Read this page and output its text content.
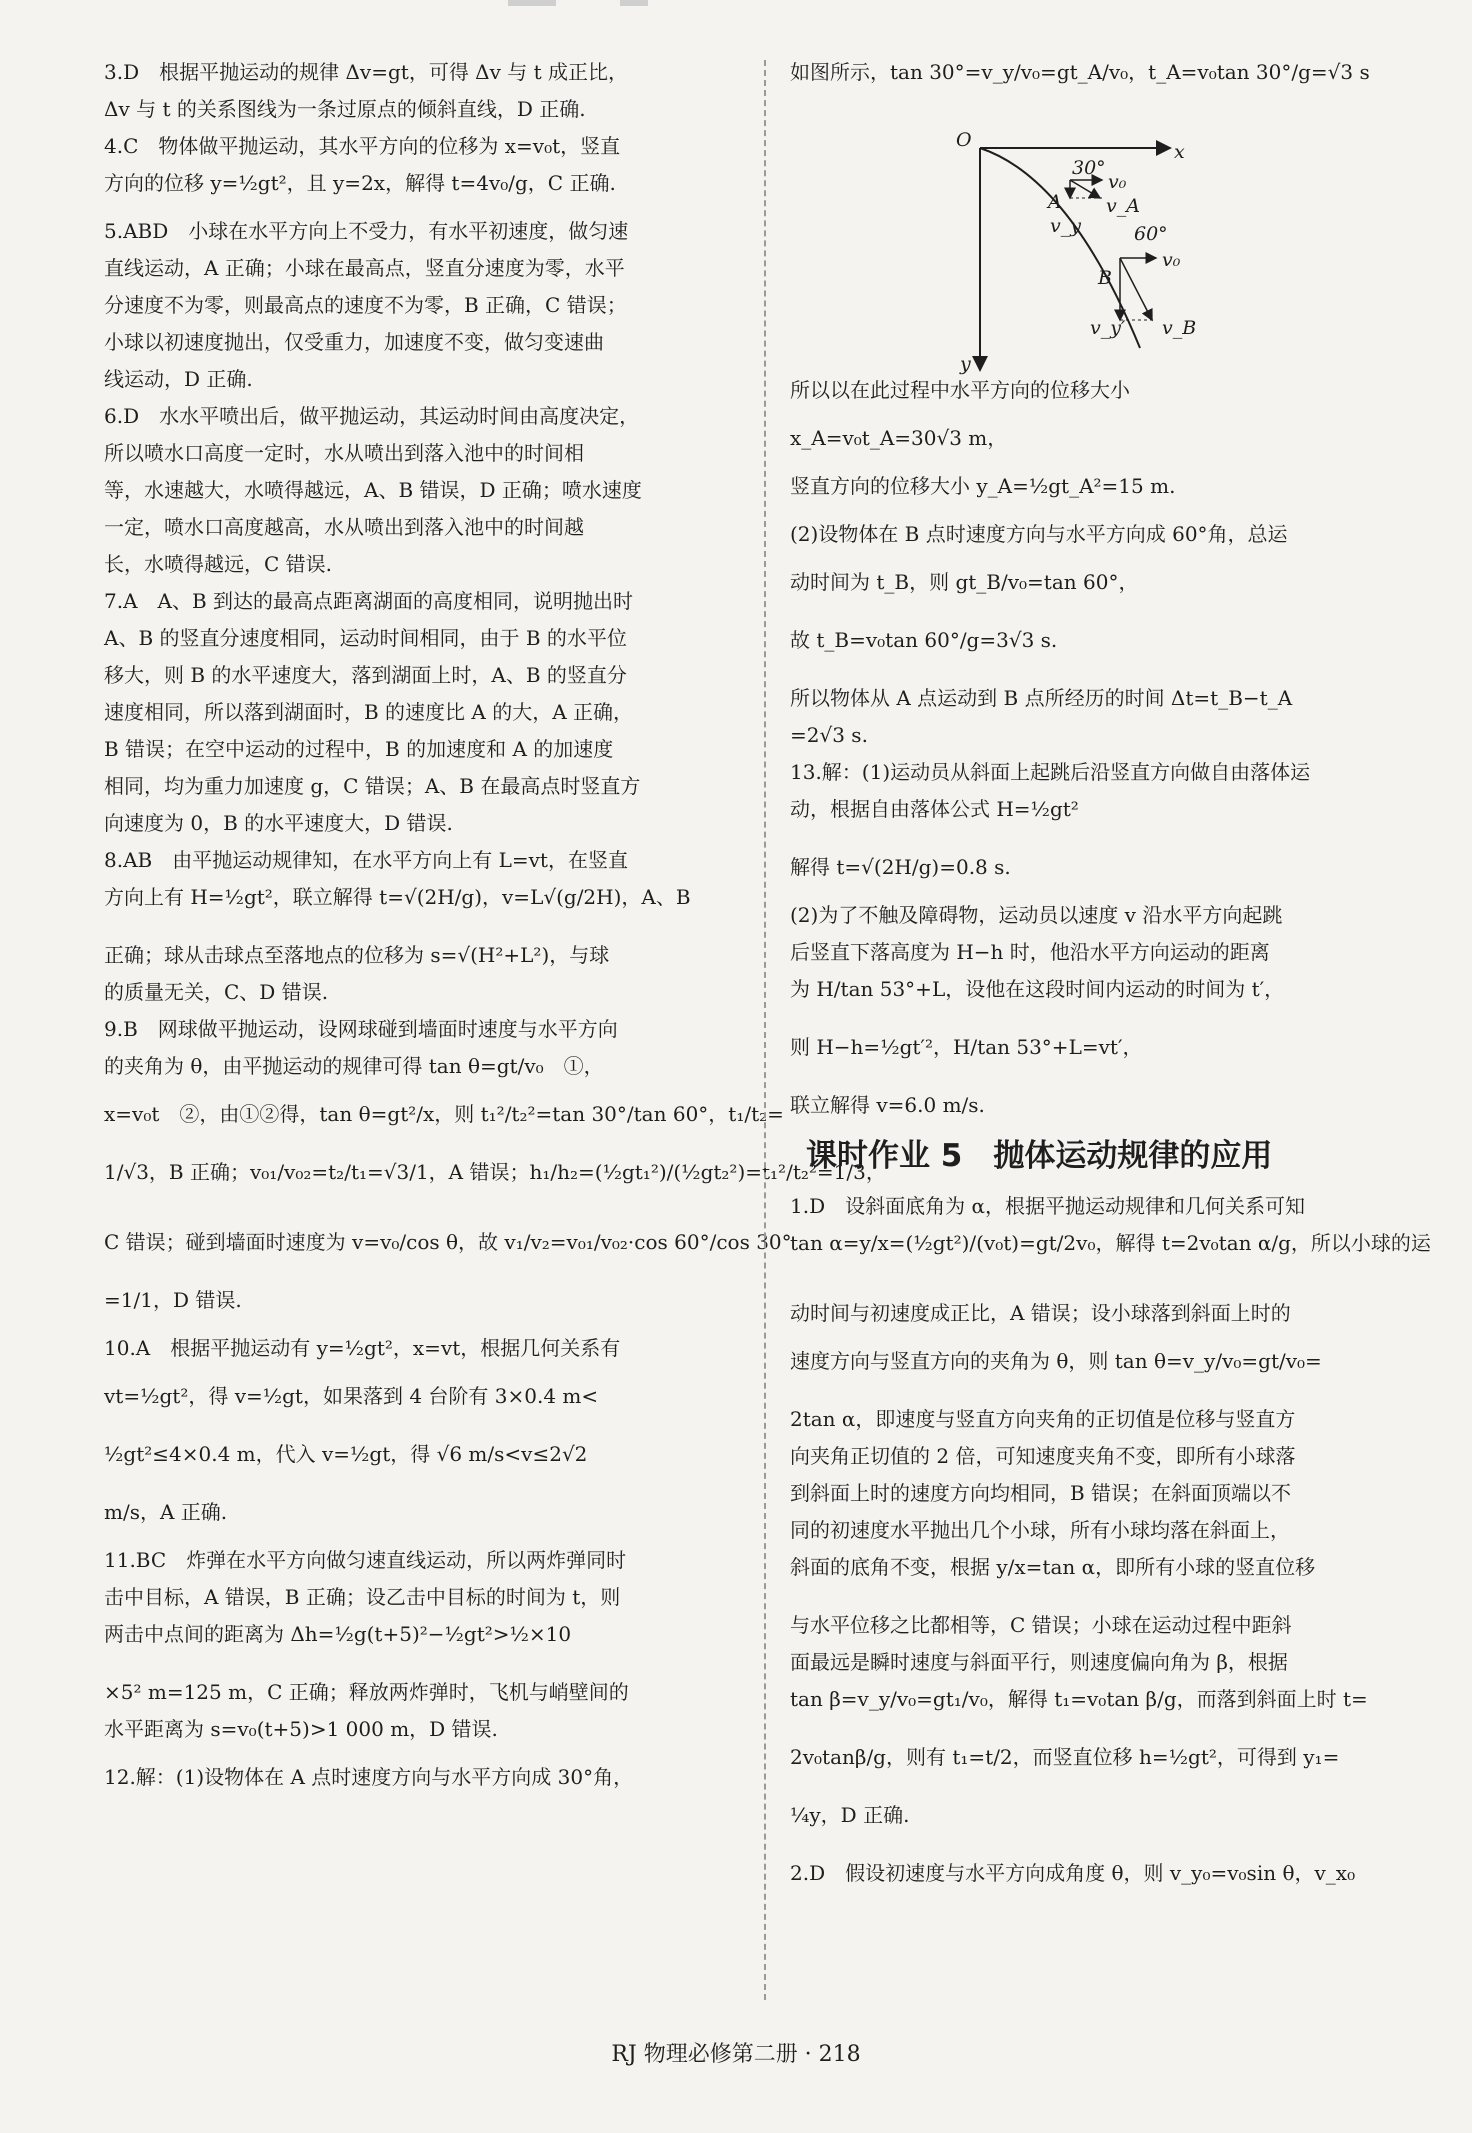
3.D　根据平抛运动的规律 Δv=gt，可得 Δv 与 t 成正比，

Δv 与 t 的关系图线为一条过原点的倾斜直线，D 正确.

4.C　物体做平抛运动，其水平方向的位移为 x=v₀t，竖直

方向的位移 y=½gt²，且 y=2x，解得 t=4v₀/g，C 正确.

5.ABD　小球在水平方向上不受力，有水平初速度，做匀速

直线运动，A 正确；小球在最高点，竖直分速度为零，水平

分速度不为零，则最高点的速度不为零，B 正确，C 错误；

小球以初速度抛出，仅受重力，加速度不变，做匀变速曲

线运动，D 正确.

6.D　水水平喷出后，做平抛运动，其运动时间由高度决定，

所以喷水口高度一定时，水从喷出到落入池中的时间相

等，水速越大，水喷得越远，A、B 错误，D 正确；喷水速度

一定，喷水口高度越高，水从喷出到落入池中的时间越

长，水喷得越远，C 错误.

7.A　A、B 到达的最高点距离湖面的高度相同，说明抛出时

A、B 的竖直分速度相同，运动时间相同，由于 B 的水平位

移大，则 B 的水平速度大，落到湖面上时，A、B 的竖直分

速度相同，所以落到湖面时，B 的速度比 A 的大，A 正确，

B 错误；在空中运动的过程中，B 的加速度和 A 的加速度

相同，均为重力加速度 g，C 错误；A、B 在最高点时竖直方

向速度为 0，B 的水平速度大，D 错误.

8.AB　由平抛运动规律知，在水平方向上有 L=vt，在竖直

方向上有 H=½gt²，联立解得 t=√(2H/g)，v=L√(g/2H)，A、B

正确；球从击球点至落地点的位移为 s=√(H²+L²)，与球

的质量无关，C、D 错误.

9.B　网球做平抛运动，设网球碰到墙面时速度与水平方向

的夹角为 θ，由平抛运动的规律可得 tan θ=gt/v₀　①，

x=v₀t　②，由①②得，tan θ=gt²/x，则 t₁²/t₂²=tan 30°/tan 60°，t₁/t₂=

1/√3，B 正确；v₀₁/v₀₂=t₂/t₁=√3/1，A 错误；h₁/h₂=(½gt₁²)/(½gt₂²)=t₁²/t₂²=1/3，

C 错误；碰到墙面时速度为 v=v₀/cos θ，故 v₁/v₂=v₀₁/v₀₂·cos 60°/cos 30°

=1/1，D 错误.

10.A　根据平抛运动有 y=½gt²，x=vt，根据几何关系有

vt=½gt²，得 v=½gt，如果落到 4 台阶有 3×0.4 m<

½gt²≤4×0.4 m，代入 v=½gt，得 √6 m/s<v≤2√2

m/s，A 正确.

11.BC　炸弹在水平方向做匀速直线运动，所以两炸弹同时

击中目标，A 错误，B 正确；设乙击中目标的时间为 t，则

两击中点间的距离为 Δh=½g(t+5)²−½gt²>½×10

×5² m=125 m，C 正确；释放两炸弹时，飞机与峭壁间的

水平距离为 s=v₀(t+5)>1 000 m，D 错误.

12.解：(1)设物体在 A 点时速度方向与水平方向成 30°角，

如图所示，tan 30°=v_y/v₀=gt_A/v₀，t_A=v₀tan 30°/g=√3 s

O
x
y
A
30°
v₀
v_A
v_y
B
60°
v₀
v_B
v_y′

所以以在此过程中水平方向的位移大小

x_A=v₀t_A=30√3 m，

竖直方向的位移大小 y_A=½gt_A²=15 m.

(2)设物体在 B 点时速度方向与水平方向成 60°角，总运

动时间为 t_B，则 gt_B/v₀=tan 60°，

故 t_B=v₀tan 60°/g=3√3 s.

所以物体从 A 点运动到 B 点所经历的时间 Δt=t_B−t_A

=2√3 s.

13.解：(1)运动员从斜面上起跳后沿竖直方向做自由落体运

动，根据自由落体公式 H=½gt²

解得 t=√(2H/g)=0.8 s.

(2)为了不触及障碍物，运动员以速度 v 沿水平方向起跳

后竖直下落高度为 H−h 时，他沿水平方向运动的距离

为 H/tan 53°+L，设他在这段时间内运动的时间为 t′，

则 H−h=½gt′²，H/tan 53°+L=vt′，

联立解得 v=6.0 m/s.

课时作业 5　抛体运动规律的应用

1.D　设斜面底角为 α，根据平抛运动规律和几何关系可知

tan α=y/x=(½gt²)/(v₀t)=gt/2v₀，解得 t=2v₀tan α/g，所以小球的运

动时间与初速度成正比，A 错误；设小球落到斜面上时的

速度方向与竖直方向的夹角为 θ，则 tan θ=v_y/v₀=gt/v₀=

2tan α，即速度与竖直方向夹角的正切值是位移与竖直方

向夹角正切值的 2 倍，可知速度夹角不变，即所有小球落

到斜面上时的速度方向均相同，B 错误；在斜面顶端以不

同的初速度水平抛出几个小球，所有小球均落在斜面上，

斜面的底角不变，根据 y/x=tan α，即所有小球的竖直位移

与水平位移之比都相等，C 错误；小球在运动过程中距斜

面最远是瞬时速度与斜面平行，则速度偏向角为 β，根据

tan β=v_y/v₀=gt₁/v₀，解得 t₁=v₀tan β/g，而落到斜面上时 t=

2v₀tanβ/g，则有 t₁=t/2，而竖直位移 h=½gt²，可得到 y₁=

¼y，D 正确.

2.D　假设初速度与水平方向成角度 θ，则 v_y₀=v₀sin θ，v_x₀

RJ 物理必修第二册 · 218
